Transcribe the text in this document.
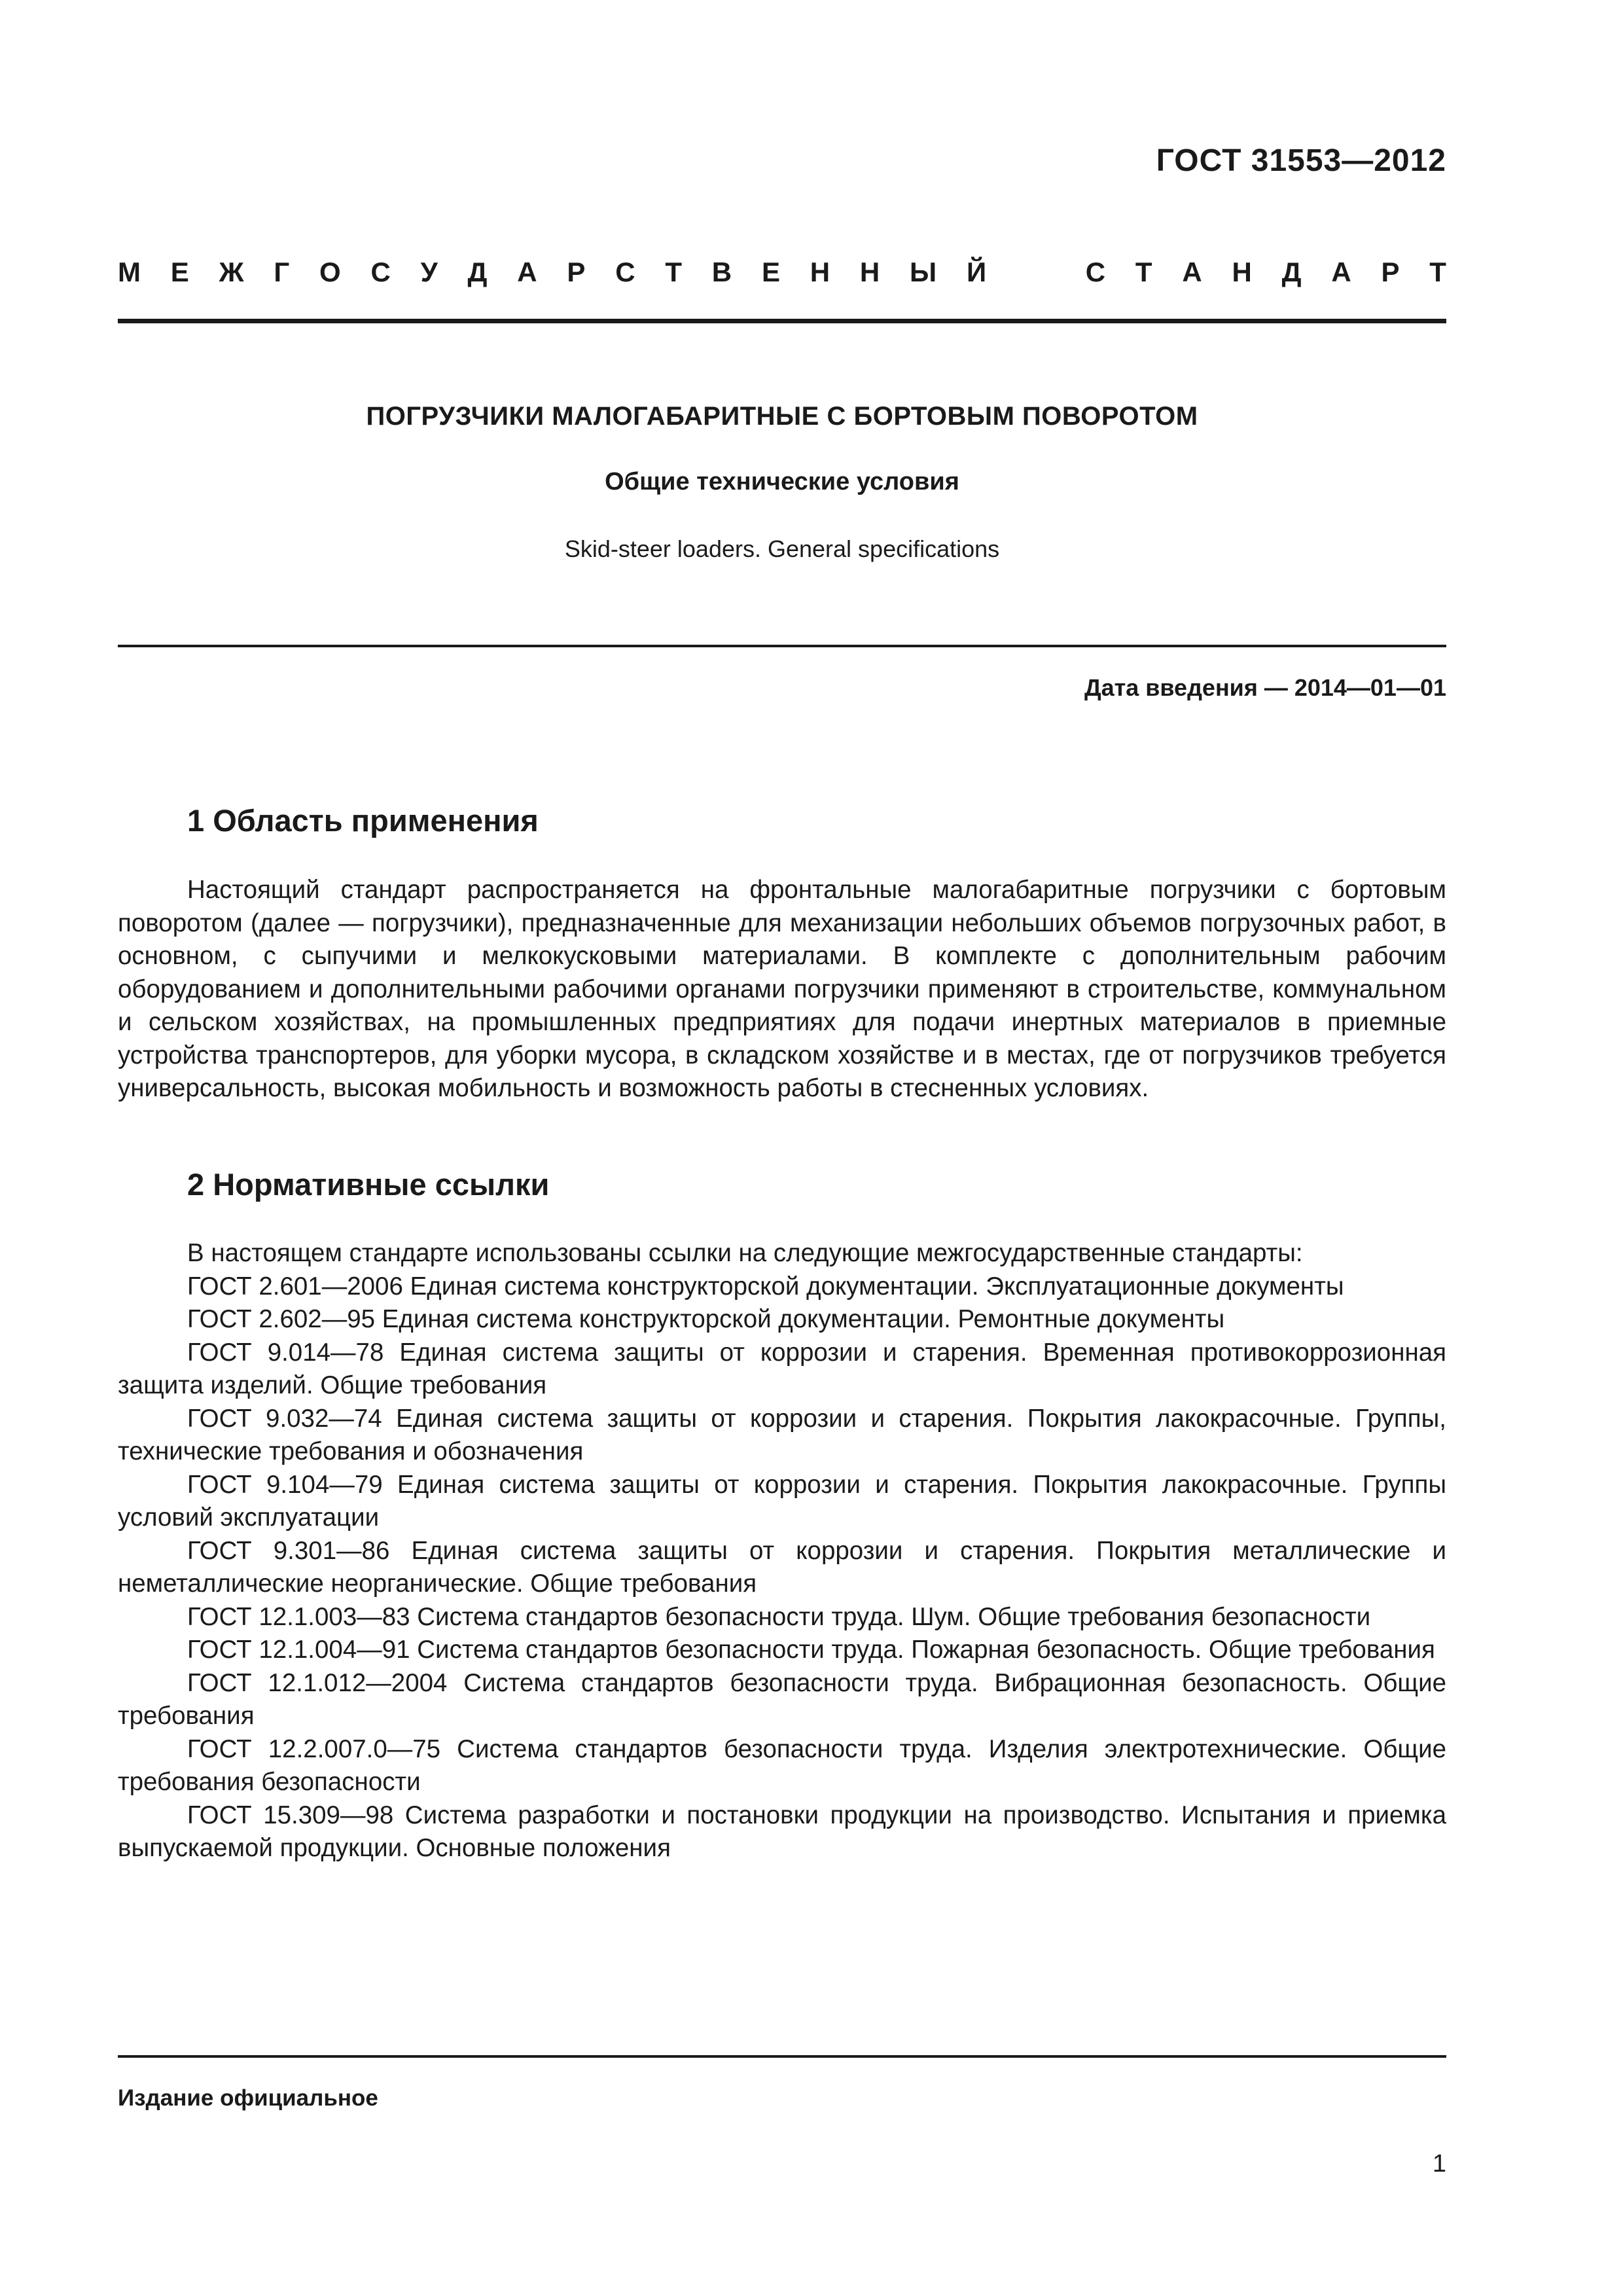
ГОСТ 31553—2012
М Е Ж Г О С У Д А Р С Т В Е Н Н Ы Й	С Т А Н Д А Р Т
ПОГРУЗЧИКИ МАЛОГАБАРИТНЫЕ С БОРТОВЫМ ПОВОРОТОМ
Общие технические условия
Skid-steer loaders. General specifications
Дата введения — 2014—01—01
1 Область применения

Настоящий стандарт распространяется на фронтальные малогабаритные погрузчики с бортовым поворотом (далее — погрузчики), предназначенные для механизации небольших объемов погрузочных работ, в основном, с сыпучими и мелкокусковыми материалами. В комплекте с дополнительным рабочим оборудованием и дополнительными рабочими органами погрузчики применяют в строительстве, коммунальном и сельском хозяйствах, на промышленных предприятиях для подачи инертных материалов в приемные устройства транспортеров, для уборки мусора, в складском хозяйстве и в местах, где от погрузчиков требуется универсальность, высокая мобильность и возможность работы в стесненных условиях.

2 Нормативные ссылки

В настоящем стандарте использованы ссылки на следующие межгосударственные стандарты:

ГОСТ 2.601—2006 Единая система конструкторской документации. Эксплуатационные документы

ГОСТ 2.602—95 Единая система конструкторской документации. Ремонтные документы

ГОСТ 9.014—78 Единая система защиты от коррозии и старения. Временная противокоррозионная защита изделий. Общие требования

ГОСТ 9.032—74 Единая система защиты от коррозии и старения. Покрытия лакокрасочные. Группы, технические требования и обозначения

ГОСТ 9.104—79 Единая система защиты от коррозии и старения. Покрытия лакокрасочные. Группы условий эксплуатации

ГОСТ 9.301—86 Единая система защиты от коррозии и старения. Покрытия металлические и неметаллические неорганические. Общие требования

ГОСТ 12.1.003—83 Система стандартов безопасности труда. Шум. Общие требования безопасности

ГОСТ 12.1.004—91 Система стандартов безопасности труда. Пожарная безопасность. Общие требования

ГОСТ 12.1.012—2004 Система стандартов безопасности труда. Вибрационная безопасность. Общие требования

ГОСТ 12.2.007.0—75 Система стандартов безопасности труда. Изделия электротехнические. Общие требования безопасности

ГОСТ 15.309—98 Система разработки и постановки продукции на производство. Испытания и приемка выпускаемой продукции. Основные положения

Издание официальное
1
